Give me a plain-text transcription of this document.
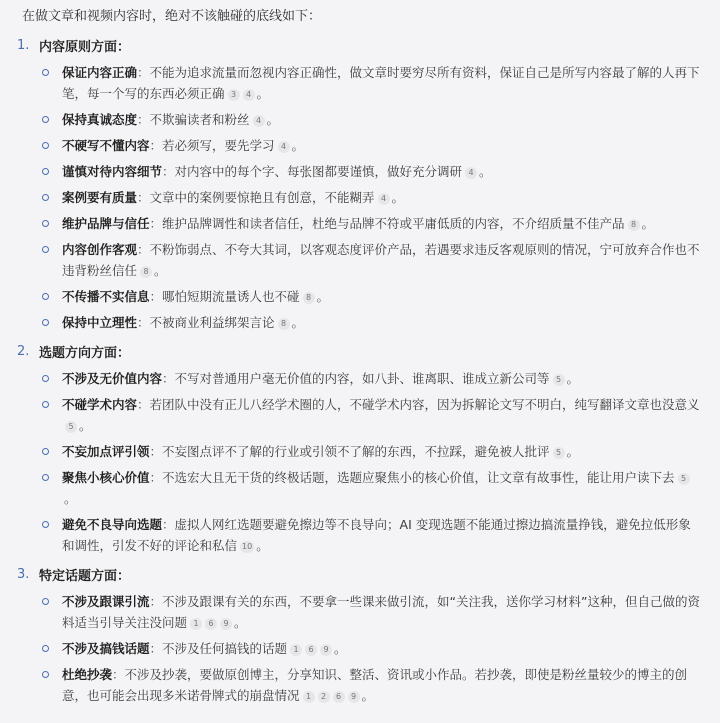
在做文章和视频内容时，绝对不该触碰的底线如下：
1. 内容原则方面：
保证内容正确：不能为追求流量而忽视内容正确性，做文章时要穷尽所有资料，保证自己是所写内容最了解的人再下笔，每一个写的东西必须正确 3 4 。
保持真诚态度：不欺骗读者和粉丝 4 。
不硬写不懂内容：若必须写，要先学习 4 。
谨慎对待内容细节：对内容中的每个字、每张图都要谨慎，做好充分调研 4 。
案例要有质量：文章中的案例要惊艳且有创意，不能糊弄 4 。
维护品牌与信任：维护品牌调性和读者信任，杜绝与品牌不符或平庸低质的内容，不介绍质量不佳产品 8 。
内容创作客观：不粉饰弱点、不夸大其词，以客观态度评价产品，若遇要求违反客观原则的情况，宁可放弃合作也不违背粉丝信任 8 。
不传播不实信息：哪怕短期流量诱人也不碰 8 。
保持中立理性：不被商业利益绑架言论 8 。
2. 选题方向方面：
不涉及无价值内容：不写对普通用户毫无价值的内容，如八卦、谁离职、谁成立新公司等 5 。
不碰学术内容：若团队中没有正儿八经学术圈的人，不碰学术内容，因为拆解论文写不明白，纯写翻译文章也没意义5 。
不妄加点评引领：不妄图点评不了解的行业或引领不了解的东西，不拉踩，避免被人批评 5 。
聚焦小核心价值：不选宏大且无干货的终极话题，选题应聚焦小的核心价值，让文章有故事性，能让用户读下去 5。
避免不良导向选题：虚拟人网红选题要避免擦边等不良导向；AI 变现选题不能通过擦边搞流量挣钱，避免拉低形象和调性，引发不好的评论和私信 10 。
3. 特定话题方面：
不涉及跟课引流：不涉及跟课有关的东西，不要拿一些课来做引流，如“关注我，送你学习材料”这种，但自己做的资料适当引导关注没问题 1 6 9 。
不涉及搞钱话题：不涉及任何搞钱的话题 1 6 9 。
杜绝抄袭：不涉及抄袭，要做原创博主，分享知识、整活、资讯或小作品。若抄袭，即使是粉丝量较少的博主的创意，也可能会出现多米诺骨牌式的崩盘情况 1 2 6 9 。
